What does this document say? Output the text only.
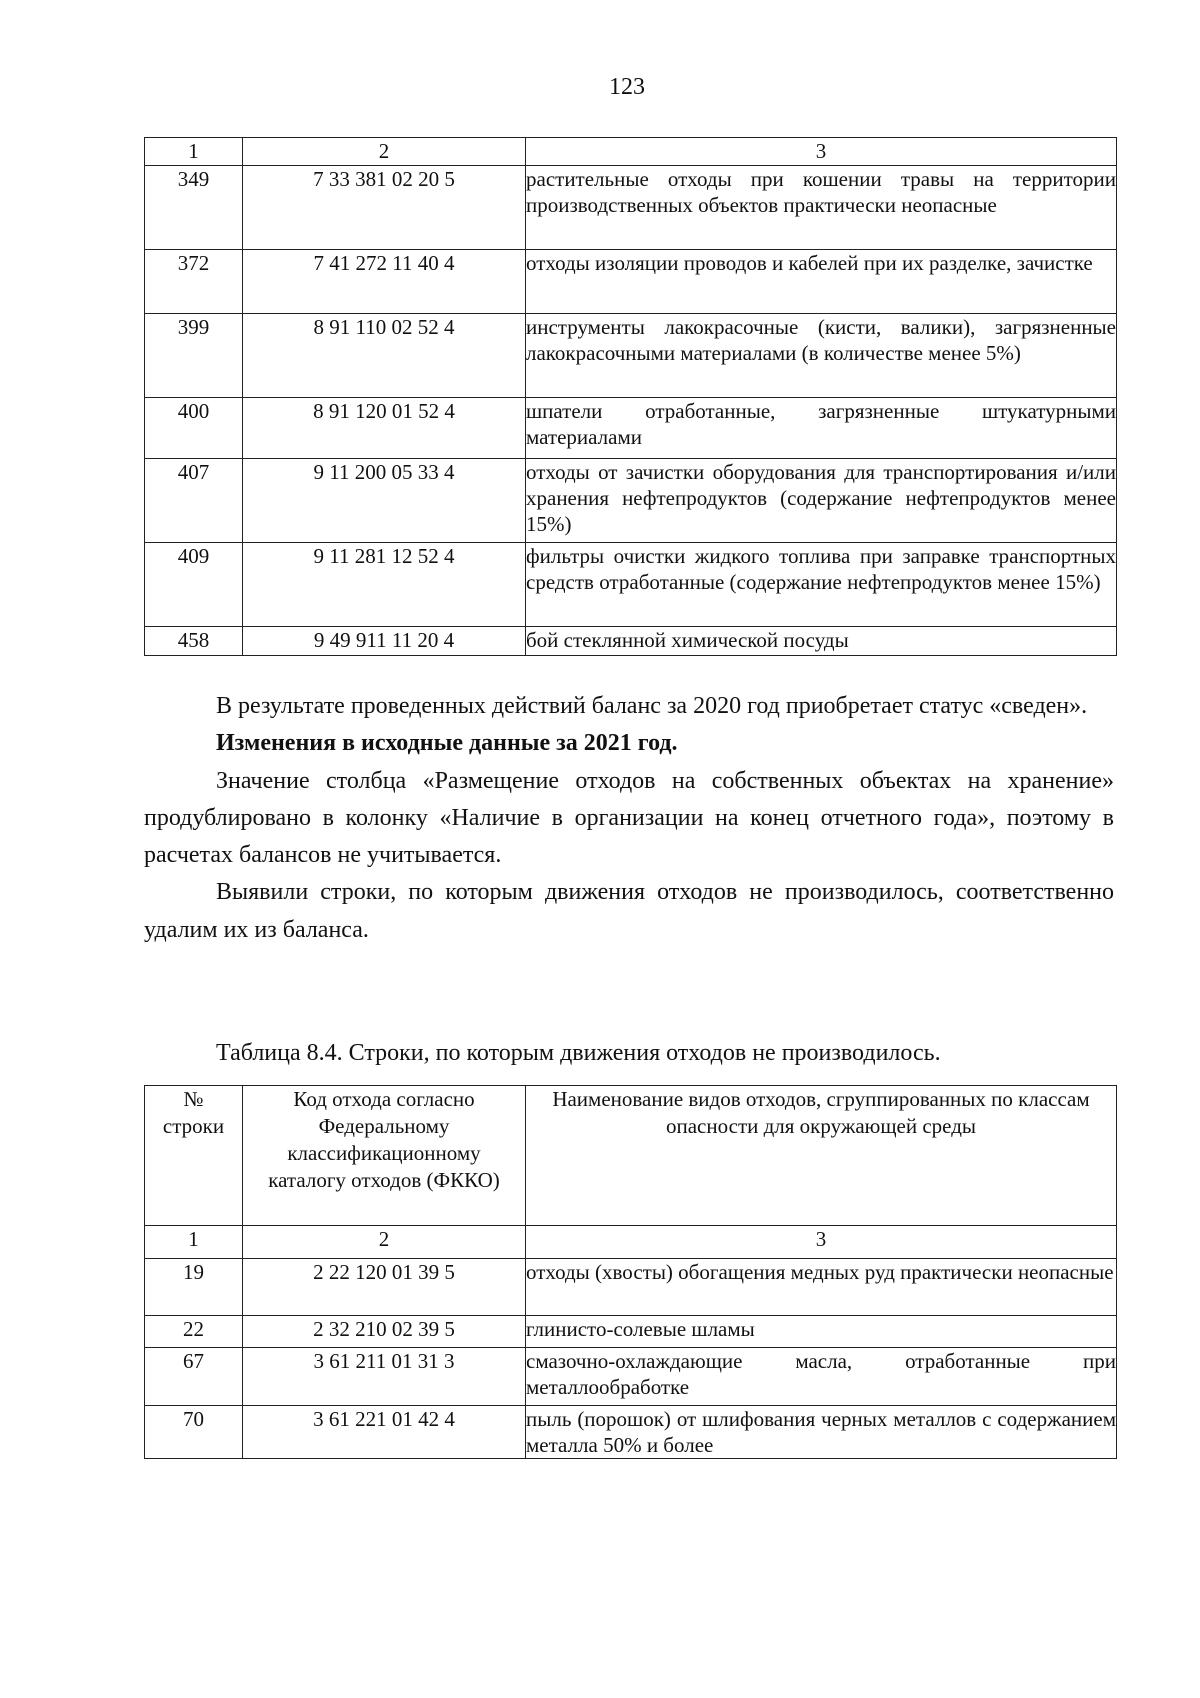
123
1	2	3
349	7 33 381 02 20 5	растительные отходы при кошении травы на территории производственных объектов практически неопасные
372	7 41 272 11 40 4	отходы изоляции проводов и кабелей при их разделке, зачистке
399	8 91 110 02 52 4	инструменты лакокрасочные (кисти, валики), загрязненные лакокрасочными материалами (в количестве менее 5%)
400	8 91 120 01 52 4	шпатели отработанные, загрязненные штукатурными материалами
407	9 11 200 05 33 4	отходы от зачистки оборудования для транспортирования и/или хранения нефтепродуктов (содержание нефтепродуктов менее 15%)
409	9 11 281 12 52 4	фильтры очистки жидкого топлива при заправке транспортных средств отработанные (содержание нефтепродуктов менее 15%)
458	9 49 911 11 20 4	бой стеклянной химической посуды

В результате проведенных действий баланс за 2020 год приобретает статус «сведен».

Изменения в исходные данные за 2021 год.

Значение столбца «Размещение отходов на собственных объектах на хранение» продублировано в колонку «Наличие в организации на конец отчетного года», поэтому в расчетах балансов не учитывается.

Выявили строки, по которым движения отходов не производилось, соответственно удалим их из баланса.

Таблица 8.4. Строки, по которым движения отходов не производилось.
№ строки	Код отхода согласно Федеральному классификационному каталогу отходов (ФККО)	Наименование видов отходов, сгруппированных по классам опасности для окружающей среды
1	2	3
19	2 22 120 01 39 5	отходы (хвосты) обогащения медных руд практически неопасные
22	2 32 210 02 39 5	глинисто-солевые шламы
67	3 61 211 01 31 3	смазочно-охлаждающие масла, отработанные при металлообработке
70	3 61 221 01 42 4	пыль (порошок) от шлифования черных металлов с содержанием металла 50% и более
